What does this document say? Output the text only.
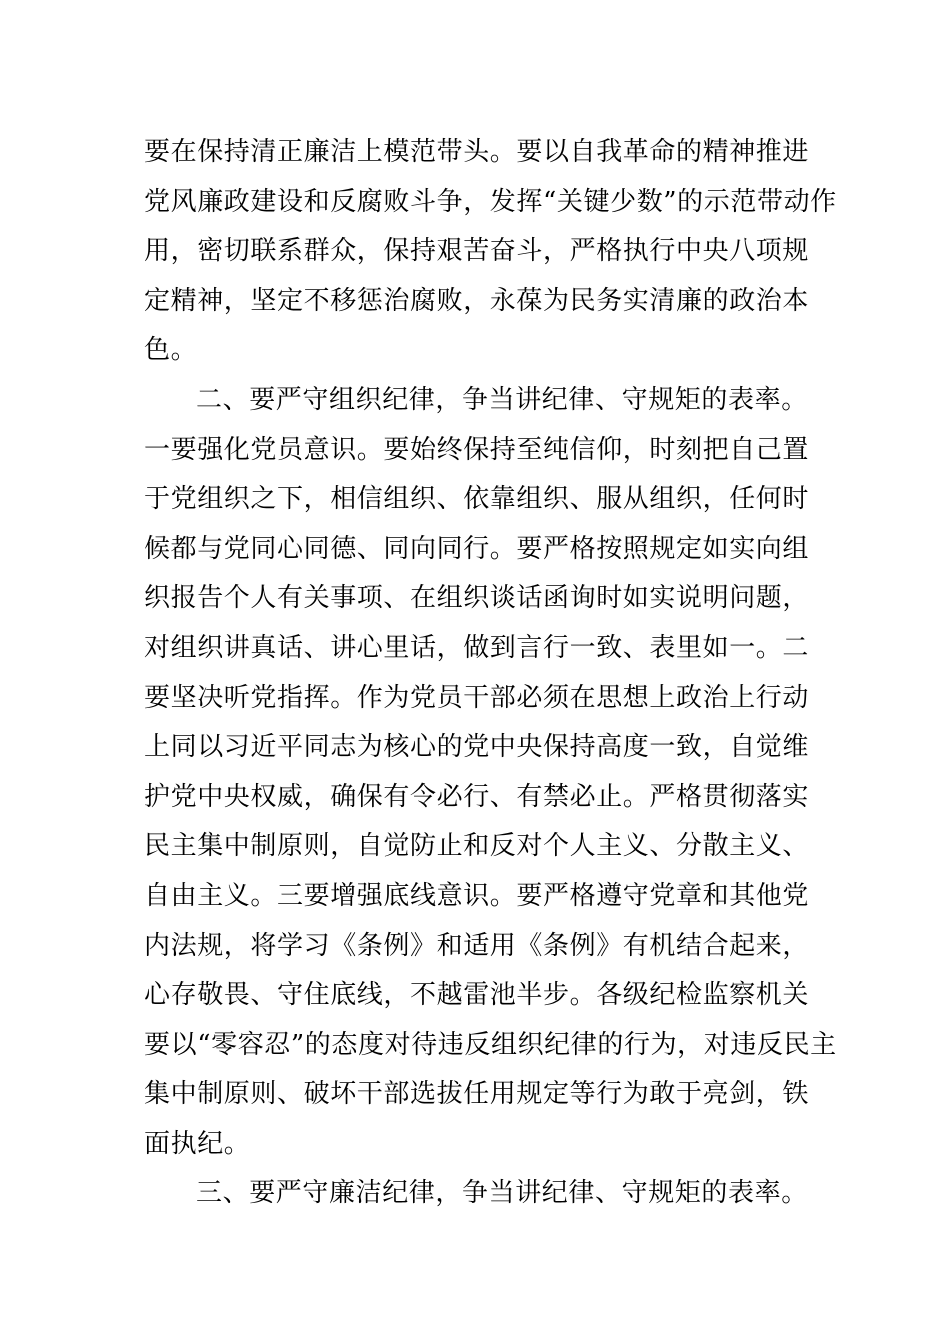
要在保持清正廉洁上模范带头。要以自我革命的精神推进
党风廉政建设和反腐败斗争，发挥“关键少数”的示范带动作
用，密切联系群众，保持艰苦奋斗，严格执行中央八项规
定精神，坚定不移惩治腐败，永葆为民务实清廉的政治本
色。
二、要严守组织纪律，争当讲纪律、守规矩的表率。
一要强化党员意识。要始终保持至纯信仰，时刻把自己置
于党组织之下，相信组织、依靠组织、服从组织，任何时
候都与党同心同德、同向同行。要严格按照规定如实向组
织报告个人有关事项、在组织谈话函询时如实说明问题，
对组织讲真话、讲心里话，做到言行一致、表里如一。二
要坚决听党指挥。作为党员干部必须在思想上政治上行动
上同以习近平同志为核心的党中央保持高度一致，自觉维
护党中央权威，确保有令必行、有禁必止。严格贯彻落实
民主集中制原则，自觉防止和反对个人主义、分散主义、
自由主义。三要增强底线意识。要严格遵守党章和其他党
内法规，将学习《条例》和适用《条例》有机结合起来，
心存敬畏、守住底线，不越雷池半步。各级纪检监察机关
要以“零容忍”的态度对待违反组织纪律的行为，对违反民主
集中制原则、破坏干部选拔任用规定等行为敢于亮剑，铁
面执纪。
三、要严守廉洁纪律，争当讲纪律、守规矩的表率。
